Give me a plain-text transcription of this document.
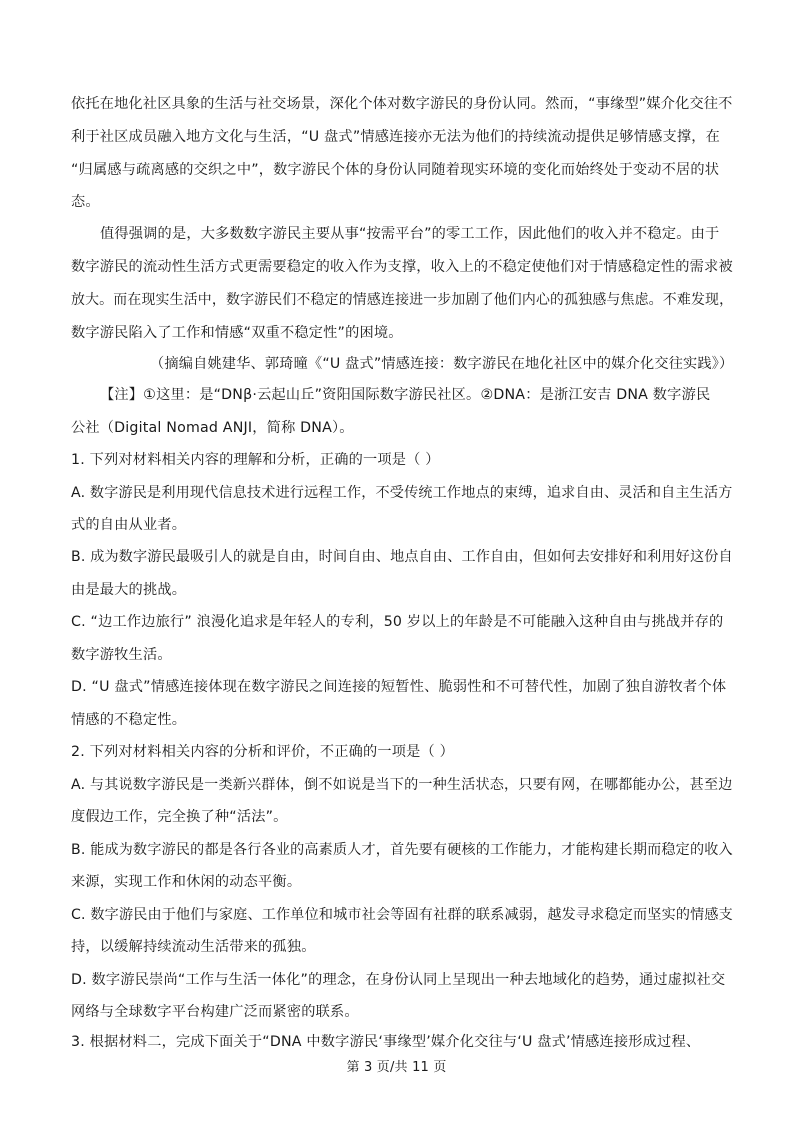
依托在地化社区具象的生活与社交场景，深化个体对数字游民的身份认同。然而，“事缘型”媒介化交往不
利于社区成员融入地方文化与生活，“U 盘式”情感连接亦无法为他们的持续流动提供足够情感支撑，在
“归属感与疏离感的交织之中”，数字游民个体的身份认同随着现实环境的变化而始终处于变动不居的状
态。
值得强调的是，大多数数字游民主要从事“按需平台”的零工工作，因此他们的收入并不稳定。由于
数字游民的流动性生活方式更需要稳定的收入作为支撑，收入上的不稳定使他们对于情感稳定性的需求被
放大。而在现实生活中，数字游民们不稳定的情感连接进一步加剧了他们内心的孤独感与焦虑。不难发现，
数字游民陷入了工作和情感“双重不稳定性”的困境。
（摘编自姚建华、郭琦曈《“U 盘式”情感连接：数字游民在地化社区中的媒介化交往实践》）
【注】①这里：是“DNβ·云起山丘”资阳国际数字游民社区。②DNA：是浙江安吉 DNA 数字游民
公社（Digital Nomad ANJI，简称 DNA）。
1. 下列对材料相关内容的理解和分析，正确的一项是（ ）
A. 数字游民是利用现代信息技术进行远程工作，不受传统工作地点的束缚，追求自由、灵活和自主生活方
式的自由从业者。
B. 成为数字游民最吸引人的就是自由，时间自由、地点自由、工作自由，但如何去安排好和利用好这份自
由是最大的挑战。
C. “边工作边旅行” 浪漫化追求是年轻人的专利，50 岁以上的年龄是不可能融入这种自由与挑战并存的
数字游牧生活。
D. “U 盘式”情感连接体现在数字游民之间连接的短暂性、脆弱性和不可替代性，加剧了独自游牧者个体
情感的不稳定性。
2. 下列对材料相关内容的分析和评价，不正确的一项是（ ）
A. 与其说数字游民是一类新兴群体，倒不如说是当下的一种生活状态，只要有网，在哪都能办公，甚至边
度假边工作，完全换了种“活法”。
B. 能成为数字游民的都是各行各业的高素质人才，首先要有硬核的工作能力，才能构建长期而稳定的收入
来源，实现工作和休闲的动态平衡。
C. 数字游民由于他们与家庭、工作单位和城市社会等固有社群的联系减弱，越发寻求稳定而坚实的情感支
持，以缓解持续流动生活带来的孤独。
D. 数字游民崇尚“工作与生活一体化”的理念，在身份认同上呈现出一种去地域化的趋势，通过虚拟社交
网络与全球数字平台构建广泛而紧密的联系。
3. 根据材料二，完成下面关于“DNA 中数字游民‘事缘型’媒介化交往与‘U 盘式’情感连接形成过程、
第 3 页/共 11 页
